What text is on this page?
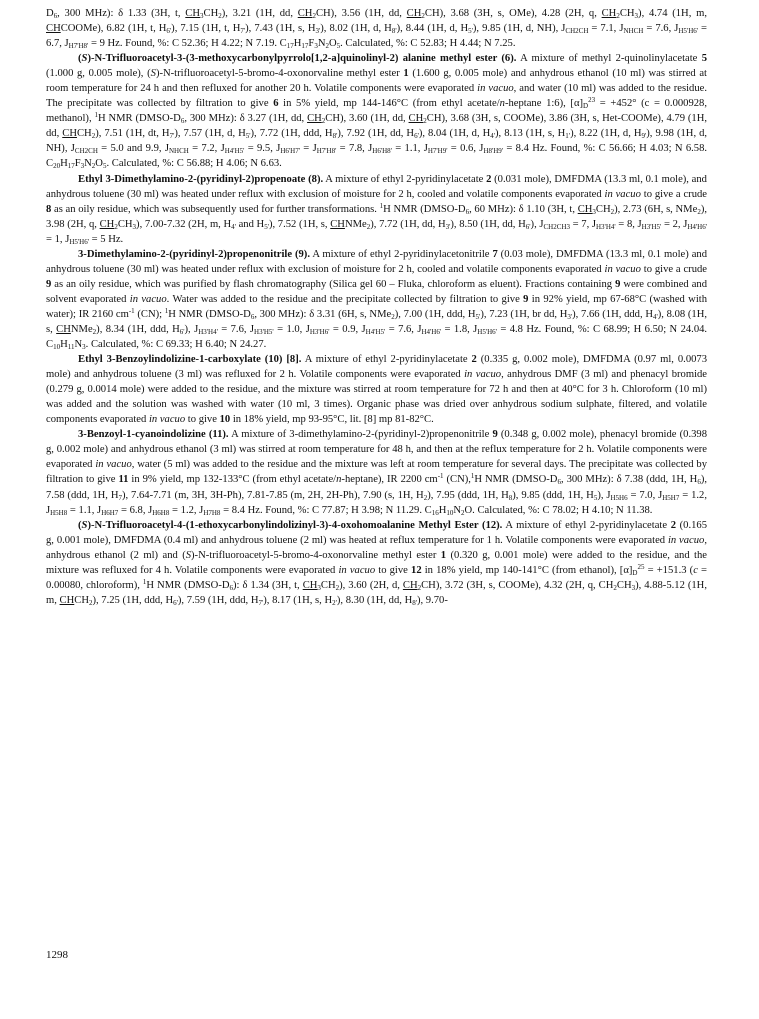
$D_6$, 300 MHz): δ 1.33 (3H, t, $CH_3CH_2$), 3.21 (1H, dd, $CH_2CH$), 3.56 (1H, dd, $CH_2CH$), 3.68 (3H, s, OMe), 4.28 (2H, q, $CH_2CH_3$), 4.74 (1H, m, CHCOOMe), 6.82 (1H, t, $H_{6'}$), 7.15 (1H, t, $H_{7'}$), 7.43 (1H, s, $H_{3'}$), 8.02 (1H, d, $H_{8'}$), 8.44 (1H, d, $H_{5'}$), 9.85 (1H, d, NH), $J_{CH2CH} = 7.1$, $J_{NHCH} = 7.6$, $J_{H5'H6'} = 6.7$, $J_{H7'H8'} = 9$ Hz. Found, %: C 52.36; H 4.22; N 7.19. $C_{17}H_{17}F_3N_2O_5$. Calculated, %: C 52.83; H 4.44; N 7.25.

(S)-N-Trifluoroacetyl-3-(3-methoxycarbonylpyrrolo[1,2-a]quinolinyl-2) alanine methyl ester (6). A mixture of methyl 2-quinolinylacetate 5 (1.000 g, 0.005 mole), (S)-N-trifluoroacetyl-5-bromo-4-oxonorvaline methyl ester 1 (1.600 g, 0.005 mole) and anhydrous ethanol (10 ml) was stirred at room temperature for 24 h and then refluxed for another 20 h. Volatile components were evaporated in vacuo, and water (10 ml) was added to the residue. The precipitate was collected by filtration to give 6 in 5% yield, mp 144-146°C (from ethyl acetate/n-heptane 1:6), $[\alpha]_D^{23} = +452^\circ$ (c = 0.000928, methanol), $^1$H NMR ($DMSO-D_6$, 300 MHz): δ 3.27 (1H, dd, $CH_2CH$), 3.60 (1H, dd, $CH_2CH$), 3.68 (3H, s, COOMe), 3.86 (3H, s, Het-COOMe), 4.79 (1H, dd, $CHCH_2$), 7.51 (1H, dt, $H_{7'}$), 7.57 (1H, d, $H_{5'}$), 7.72 (1H, ddd, $H_{8'}$), 7.92 (1H, dd, $H_{6'}$), 8.04 (1H, d, $H_{4'}$), 8.13 (1H, s, $H_{1'}$), 8.22 (1H, d, $H_{9'}$), 9.98 (1H, d, NH), $J_{CH2CH} = 5.0$ and 9.9, $J_{NHCH} = 7.2$, $J_{H4'H5'} = 9.5$, $J_{H6'H7'} = J_{H7'H8'} = 7.8$, $J_{H6'H8'} = 1.1$, $J_{H7'H9'} = 0.6$, $J_{H8'H9'} = 8.4$ Hz. Found, %: C 56.66; H 4.03; N 6.58. $C_{20}H_{17}F_3N_2O_5$. Calculated, %: C 56.88; H 4.06; N 6.63.

Ethyl 3-Dimethylamino-2-(pyridinyl-2)propenoate (8). A mixture of ethyl 2-pyridinylacetate 2 (0.031 mole), DMFDMA (13.3 ml, 0.1 mole), and anhydrous toluene (30 ml) was heated under reflux with exclusion of moisture for 2 h, cooled and volatile components evaporated in vacuo to give a crude 8 as an oily residue, which was subsequently used for further transformations. $^1$H NMR ($DMSO-D_6$, 60 MHz): δ 1.10 (3H, t, $CH_3CH_2$), 2.73 (6H, s, NMe$_2$), 3.98 (2H, q, $CH_2CH_3$), 7.00-7.32 (2H, m, $H_{4'}$ and $H_{5'}$), 7.52 (1H, s, CHNMe$_2$), 7.72 (1H, dd, $H_{3'}$), 8.50 (1H, dd, $H_{6'}$), $J_{CH2CH3} = 7$, $J_{H3'H4'} = 8$, $J_{H3'H5'} = 2$, $J_{H4'H6'} = 1$, $J_{H5'H6'} = 5$ Hz.

3-Dimethylamino-2-(pyridinyl-2)propenonitrile (9). A mixture of ethyl 2-pyridinylacetonitrile 7 (0.03 mole), DMFDMA (13.3 ml, 0.1 mole) and anhydrous toluene (30 ml) was heated under reflux with exclusion of moisture for 2 h, cooled and volatile components evaporated in vacuo to give a crude 9 as an oily residue, which was purified by flash chromatography (Silica gel 60 – Fluka, chloroform as eluent). Fractions containing 9 were combined and solvent evaporated in vacuo. Water was added to the residue and the precipitate collected by filtration to give 9 in 92% yield, mp 67-68°C (washed with water); IR 2160 $cm^{-1}$ (CN); $^1$H NMR ($DMSO-D_6$, 300 MHz): δ 3.31 (6H, s, NMe$_2$), 7.00 (1H, ddd, $H_{5'}$), 7.23 (1H, br dd, $H_{3'}$), 7.66 (1H, ddd, $H_{4'}$), 8.08 (1H, s, CHNMe$_2$), 8.34 (1H, ddd, $H_{6'}$), $J_{H3'H4'} = 7.6$, $J_{H3'H5'} = 1.0$, $J_{H3'H6'} = 0.9$, $J_{H4'H5'} = 7.6$, $J_{H4'H6'} = 1.8$, $J_{H5'H6'} = 4.8$ Hz. Found, %: C 68.99; H 6.50; N 24.04. $C_{10}H_{11}N_3$. Calculated, %: C 69.33; H 6.40; N 24.27.

Ethyl 3-Benzoylindolizine-1-carboxylate (10) [8]. A mixture of ethyl 2-pyridinylacetate 2 (0.335 g, 0.002 mole), DMFDMA (0.97 ml, 0.0073 mole) and anhydrous toluene (3 ml) was refluxed for 2 h. Volatile components were evaporated in vacuo, anhydrous DMF (3 ml) and phenacyl bromide (0.279 g, 0.0014 mole) were added to the residue, and the mixture was stirred at room temperature for 72 h and then at 40°C for 3 h. Chloroform (10 ml) was added and the solution was washed with water (10 ml, 3 times). Organic phase was dried over anhydrous sodium sulphate, filtered, and volatile components evaporated in vacuo to give 10 in 18% yield, mp 93-95°C, lit. [8] mp 81-82°C.

3-Benzoyl-1-cyanoindolizine (11). A mixture of 3-dimethylamino-2-(pyridinyl-2)propenonitrile 9 (0.348 g, 0.002 mole), phenacyl bromide (0.398 g, 0.002 mole) and anhydrous ethanol (3 ml) was stirred at room temperature for 48 h, and then at the reflux temperature for 2 h. Volatile components were evaporated in vacuo, water (5 ml) was added to the residue and the mixture was left at room temperature for several days. The precipitate was collected by filtration to give 11 in 9% yield, mp 132-133°C (from ethyl acetate/n-heptane), IR 2200 $cm^{-1}$ (CN),$^1$H NMR ($DMSO-D_6$, 300 MHz): δ 7.38 (ddd, 1H, $H_6$), 7.58 (ddd, 1H, $H_7$), 7.64-7.71 (m, 3H, 3H-Ph), 7.81-7.85 (m, 2H, 2H-Ph), 7.90 (s, 1H, $H_2$), 7.95 (ddd, 1H, $H_8$), 9.85 (ddd, 1H, $H_5$), $J_{H5H6} = 7.0$, $J_{H5H7} = 1.2$, $J_{H5H8} = 1.1$, $J_{H6H7} = 6.8$, $J_{H6H8} = 1.2$, $J_{H7H8} = 8.4$ Hz. Found, %: C 77.87; H 3.98; N 11.29. $C_{16}H_{10}N_2O$. Calculated, %: C 78.02; H 4.10; N 11.38.

(S)-N-Trifluoroacetyl-4-(1-ethoxycarbonylindolizinyl-3)-4-oxohomoalanine Methyl Ester (12). A mixture of ethyl 2-pyridinylacetate 2 (0.165 g, 0.001 mole), DMFDMA (0.4 ml) and anhydrous toluene (2 ml) was heated at reflux temperature for 1 h. Volatile components were evaporated in vacuo, anhydrous ethanol (2 ml) and (S)-N-trifluoroacetyl-5-bromo-4-oxonorvaline methyl ester 1 (0.320 g, 0.001 mole) were added to the residue, and the mixture was refluxed for 4 h. Volatile components were evaporated in vacuo to give 12 in 18% yield, mp 140-141°C (from ethanol), $[\alpha]_D^{25} = +151.3$ (c = 0.00080, chloroform), $^1$H NMR $(DMSO-D_6)$: δ 1.34 (3H, t, $CH_3CH_2$), 3.60 (2H, d, $CH_2CH$), 3.72 (3H, s, COOMe), 4.32 (2H, q, $CH_2CH_3$), 4.88-5.12 (1H, m, $CHCH_2$), 7.25 (1H, ddd, $H_{6'}$), 7.59 (1H, ddd, $H_{7'}$), 8.17 (1H, s, $H_{2'}$), 8.30 (1H, dd, $H_{8'}$), 9.70-

1298
